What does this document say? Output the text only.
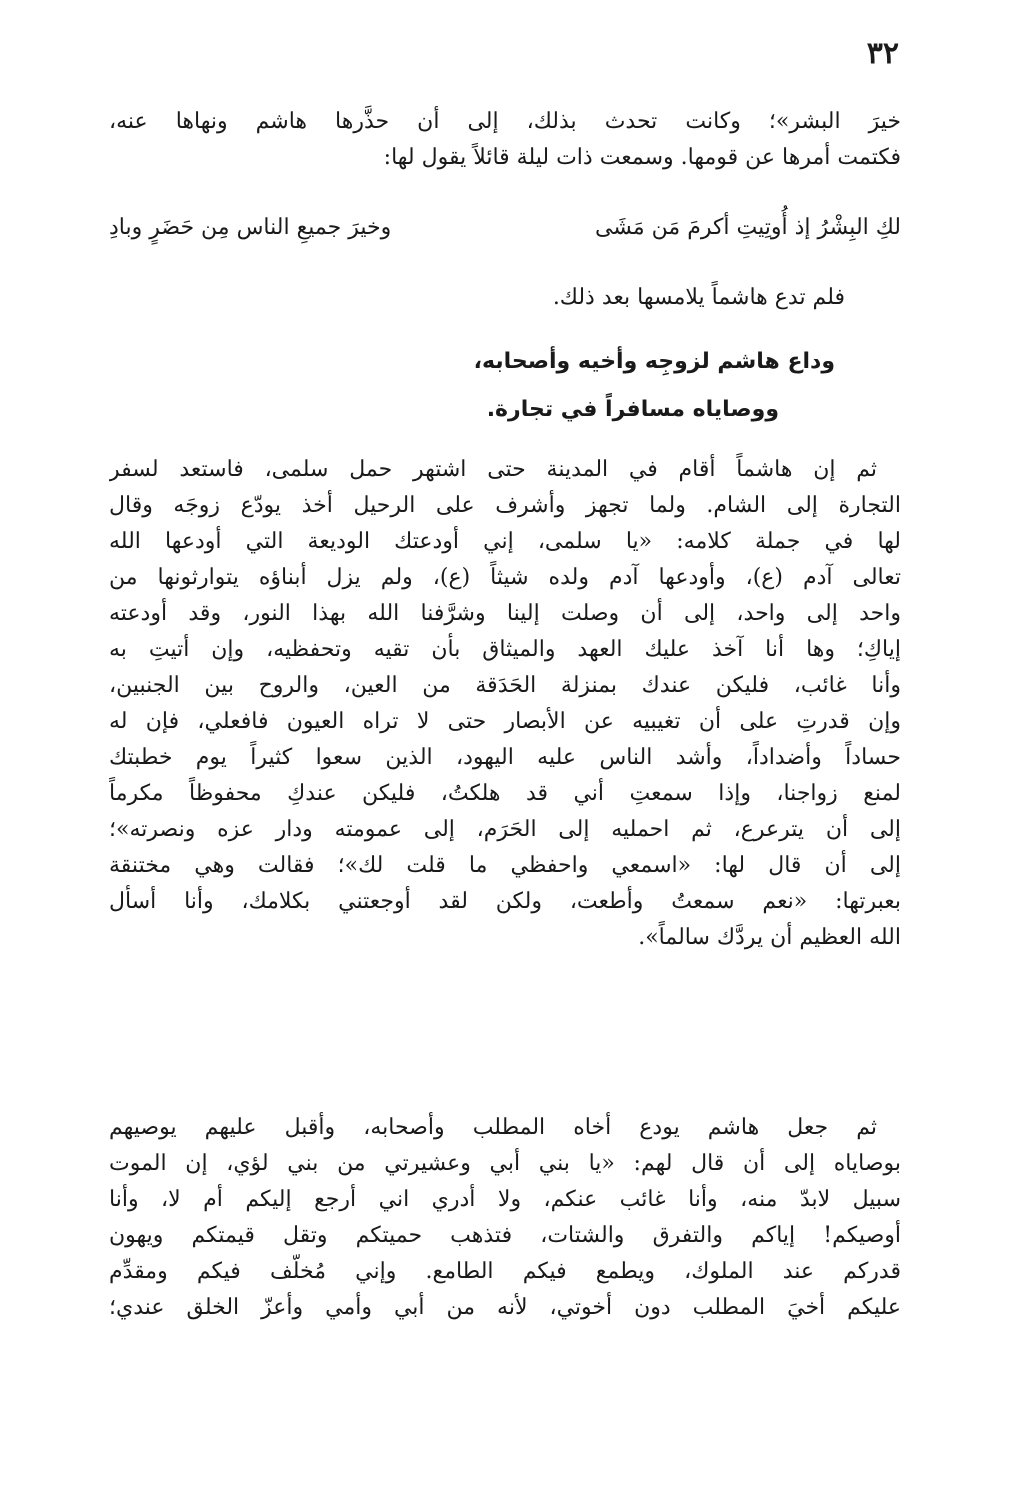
٣٢
خيرَ البشر»؛ وكانت تحدث بذلك، إلى أن حذَّرها هاشم ونهاها عنه،
فكتمت أمرها عن قومها. وسمعت ذات ليلة قائلاً يقول لها:
لكِ البِشْرُ إذ أُوتِيتِ أكرمَ مَن مَشَى
وخيرَ جميعِ الناس مِن حَضَرٍ وبادِ
فلم تدع هاشماً يلامسها بعد ذلك.
وداع هاشم لزوجِه وأخيه وأصحابه،
ووصاياه مسافراً في تجارة.
ثم إن هاشماً أقام في المدينة حتى اشتهر حمل سلمى، فاستعد لسفر
التجارة إلى الشام. ولما تجهز وأشرف على الرحيل أخذ يودّع زوجَه وقال
لها في جملة كلامه: «يا سلمى، إني أودعتك الوديعة التي أودعها الله
تعالى آدم (ع)، وأودعها آدم ولده شيثاً (ع)، ولم يزل أبناؤه يتوارثونها من
واحد إلى واحد، إلى أن وصلت إلينا وشرَّفنا الله بهذا النور، وقد أودعته
إياكِ؛ وها أنا آخذ عليك العهد والميثاق بأن تقيه وتحفظيه، وإن أتيتِ به
وأنا غائب، فليكن عندك بمنزلة الحَدَقة من العين، والروح بين الجنبين،
وإن قدرتِ على أن تغيبيه عن الأبصار حتى لا تراه العيون فافعلي، فإن له
حساداً وأضداداً، وأشد الناس عليه اليهود، الذين سعوا كثيراً يوم خطبتك
لمنع زواجنا، وإذا سمعتِ أني قد هلكتُ، فليكن عندكِ محفوظاً مكرماً
إلى أن يترعرع، ثم احمليه إلى الحَرَم، إلى عمومته ودار عزه ونصرته»؛
إلى أن قال لها: «اسمعي واحفظي ما قلت لك»؛ فقالت وهي مختنقة
بعبرتها: «نعم سمعتُ وأطعت، ولكن لقد أوجعتني بكلامك، وأنا أسأل
الله العظيم أن يردَّك سالماً».
ثم جعل هاشم يودع أخاه المطلب وأصحابه، وأقبل عليهم يوصيهم
بوصاياه إلى أن قال لهم: «يا بني أبي وعشيرتي من بني لؤي، إن الموت
سبيل لابدّ منه، وأنا غائب عنكم، ولا أدري اني أرجع إليكم أم لا، وأنا
أوصيكم! إياكم والتفرق والشتات، فتذهب حميتكم وتقل قيمتكم ويهون
قدركم عند الملوك، ويطمع فيكم الطامع. وإني مُخلّف فيكم ومقدِّم
عليكم أخيَ المطلب دون أخوتي، لأنه من أبي وأمي وأعزّ الخلق عندي؛
